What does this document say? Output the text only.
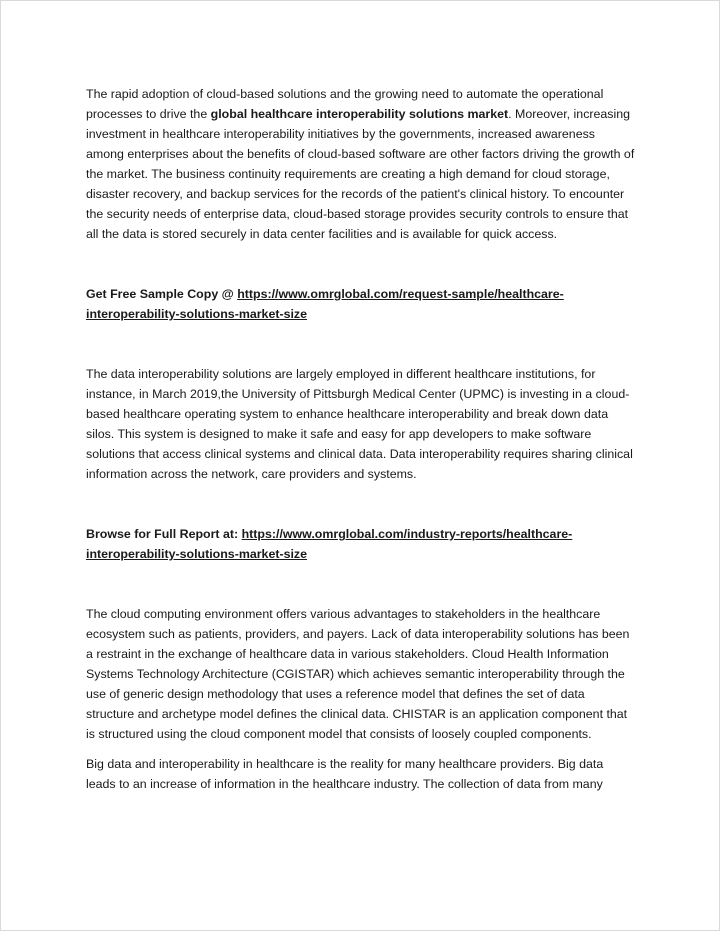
The rapid adoption of cloud-based solutions and the growing need to automate the operational processes to drive the global healthcare interoperability solutions market. Moreover, increasing investment in healthcare interoperability initiatives by the governments, increased awareness among enterprises about the benefits of cloud-based software are other factors driving the growth of the market. The business continuity requirements are creating a high demand for cloud storage, disaster recovery, and backup services for the records of the patient's clinical history. To encounter the security needs of enterprise data, cloud-based storage provides security controls to ensure that all the data is stored securely in data center facilities and is available for quick access.

Get Free Sample Copy @ https://www.omrglobal.com/request-sample/healthcare-interoperability-solutions-market-size

The data interoperability solutions are largely employed in different healthcare institutions, for instance, in March 2019,the University of Pittsburgh Medical Center (UPMC) is investing in a cloud-based healthcare operating system to enhance healthcare interoperability and break down data silos. This system is designed to make it safe and easy for app developers to make software solutions that access clinical systems and clinical data. Data interoperability requires sharing clinical information across the network, care providers and systems.

Browse for Full Report at: https://www.omrglobal.com/industry-reports/healthcare-interoperability-solutions-market-size

The cloud computing environment offers various advantages to stakeholders in the healthcare ecosystem such as patients, providers, and payers. Lack of data interoperability solutions has been a restraint in the exchange of healthcare data in various stakeholders. Cloud Health Information Systems Technology Architecture (CGISTAR) which achieves semantic interoperability through the use of generic design methodology that uses a reference model that defines the set of data structure and archetype model defines the clinical data. CHISTAR is an application component that is structured using the cloud component model that consists of loosely coupled components.

Big data and interoperability in healthcare is the reality for many healthcare providers. Big data leads to an increase of information in the healthcare industry. The collection of data from many
